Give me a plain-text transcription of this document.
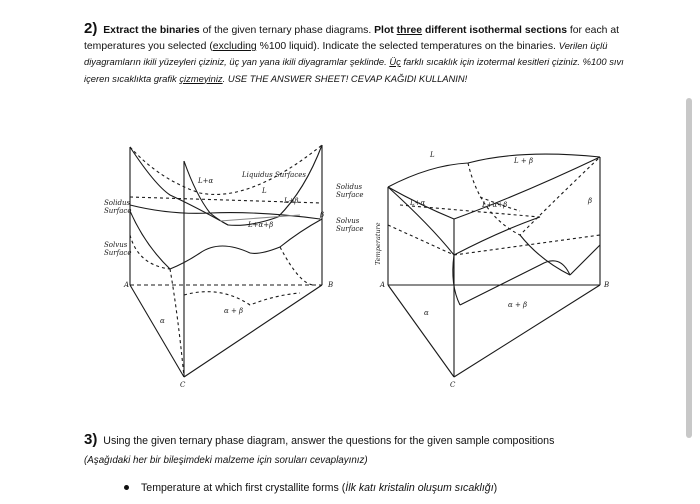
2) Extract the binaries of the given ternary phase diagrams. Plot three different isothermal sections for each at temperatures you selected (excluding %100 liquid). Indicate the selected temperatures on the binaries. Verilen üçlü diyagramların ikili yüzeyleri çiziniz, üç yan yana ikili diyagramlar şeklinde. Üç farklı sıcaklık için izotermal kesitleri çiziniz. %100 sıvı içeren sıcaklıkta grafik çizmeyiniz. USE THE ANSWER SHEET! CEVAP KAĞIDI KULLANIN!
Liquidus Surfaces
L+α
L
L+β
L+α+β
Solidus
Surface
Solvus
Surface
Solidus
Surface
Solvus
Surface
β
α + β
α
A	B
C
L
L + β
L+α	L+α+β	β
α + β
α
A	B
C
Temperature
3) Using the given ternary phase diagram, answer the questions for the given sample compositions
(Aşağıdaki her bir bileşimdeki malzeme için soruları cevaplayınız)
Temperature at which first crystallite forms (İlk katı kristalin oluşum sıcaklığı)
